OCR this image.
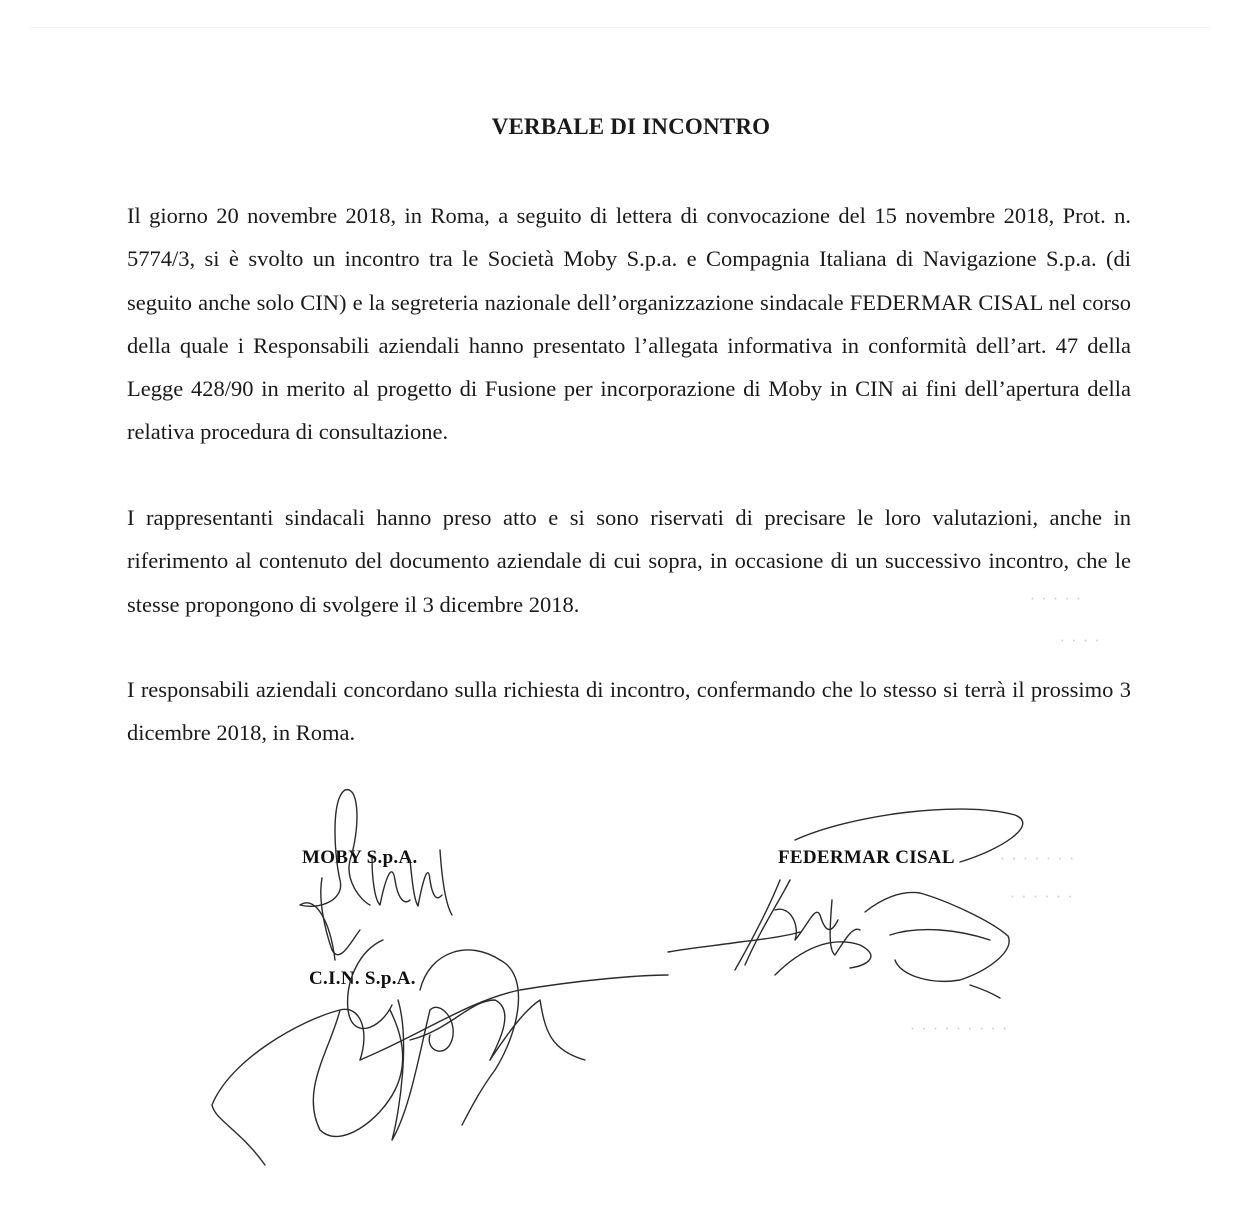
VERBALE DI INCONTRO

Il giorno 20 novembre 2018, in Roma, a seguito di lettera di convocazione del 15 novembre 2018, Prot. n. 5774/3, si è svolto un incontro tra le Società Moby S.p.a. e Compagnia Italiana di Navigazione S.p.a. (di seguito anche solo CIN) e la segreteria nazionale dell’organizzazione sindacale FEDERMAR CISAL nel corso della quale i Responsabili aziendali hanno presentato l’allegata informativa in conformità dell’art. 47 della Legge 428/90 in merito al progetto di Fusione per incorporazione di Moby in CIN ai fini dell’apertura della relativa procedura di consultazione.

I rappresentanti sindacali hanno preso atto e si sono riservati di precisare le loro valutazioni, anche in riferimento al contenuto del documento aziendale di cui sopra, in occasione di un successivo incontro, che le stesse propongono di svolgere il 3 dicembre 2018.

I responsabili aziendali concordano sulla richiesta di incontro, confermando che lo stesso si terrà il prossimo 3 dicembre 2018, in Roma.

· · · · ·
· · · ·
· · · · · · ·
· · · · · ·
· · · · · · · · ·
MOBY S.p.A.
C.I.N. S.p.A.
FEDERMAR CISAL
